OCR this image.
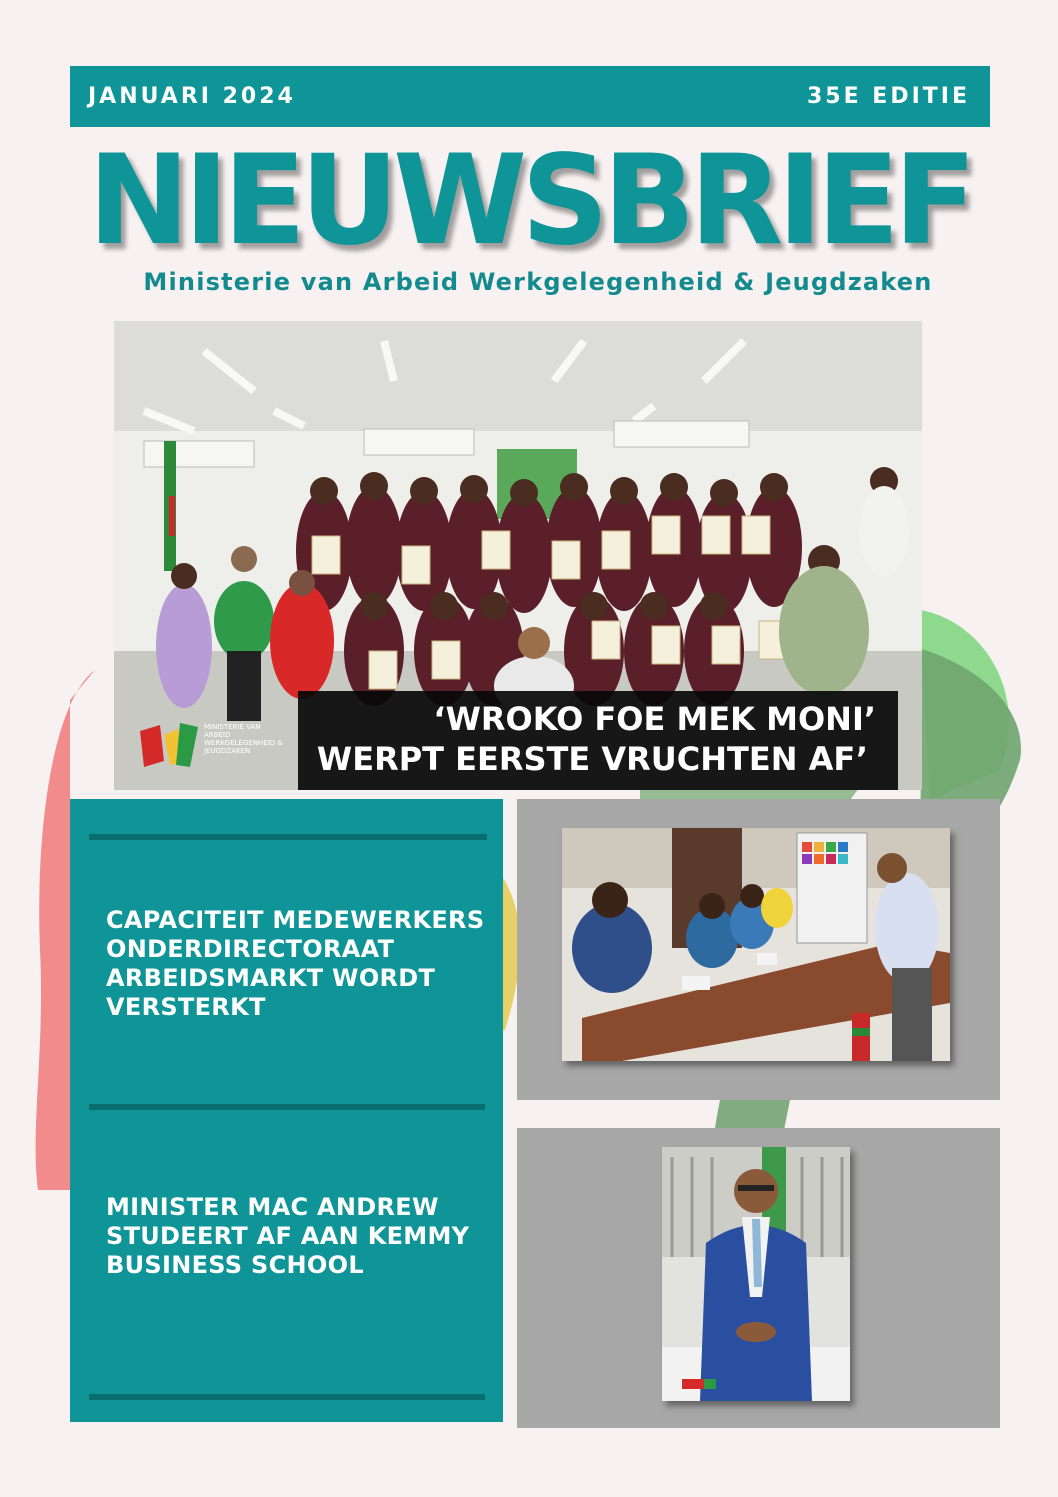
JANUARI 2024	35E EDITIE
NIEUWSBRIEF
Ministerie van Arbeid Werkgelegenheid & Jeugdzaken
MINISTERIE VAN ARBEID WERKGELEGENHEID & JEUGDZAKEN
‘WROKO FOE MEK MONI’
WERPT EERSTE VRUCHTEN AF’
CAPACITEIT MEDEWERKERS ONDERDIRECTORAAT ARBEIDSMARKT WORDT VERSTERKT
MINISTER MAC ANDREW STUDEERT AF AAN KEMMY BUSINESS SCHOOL
